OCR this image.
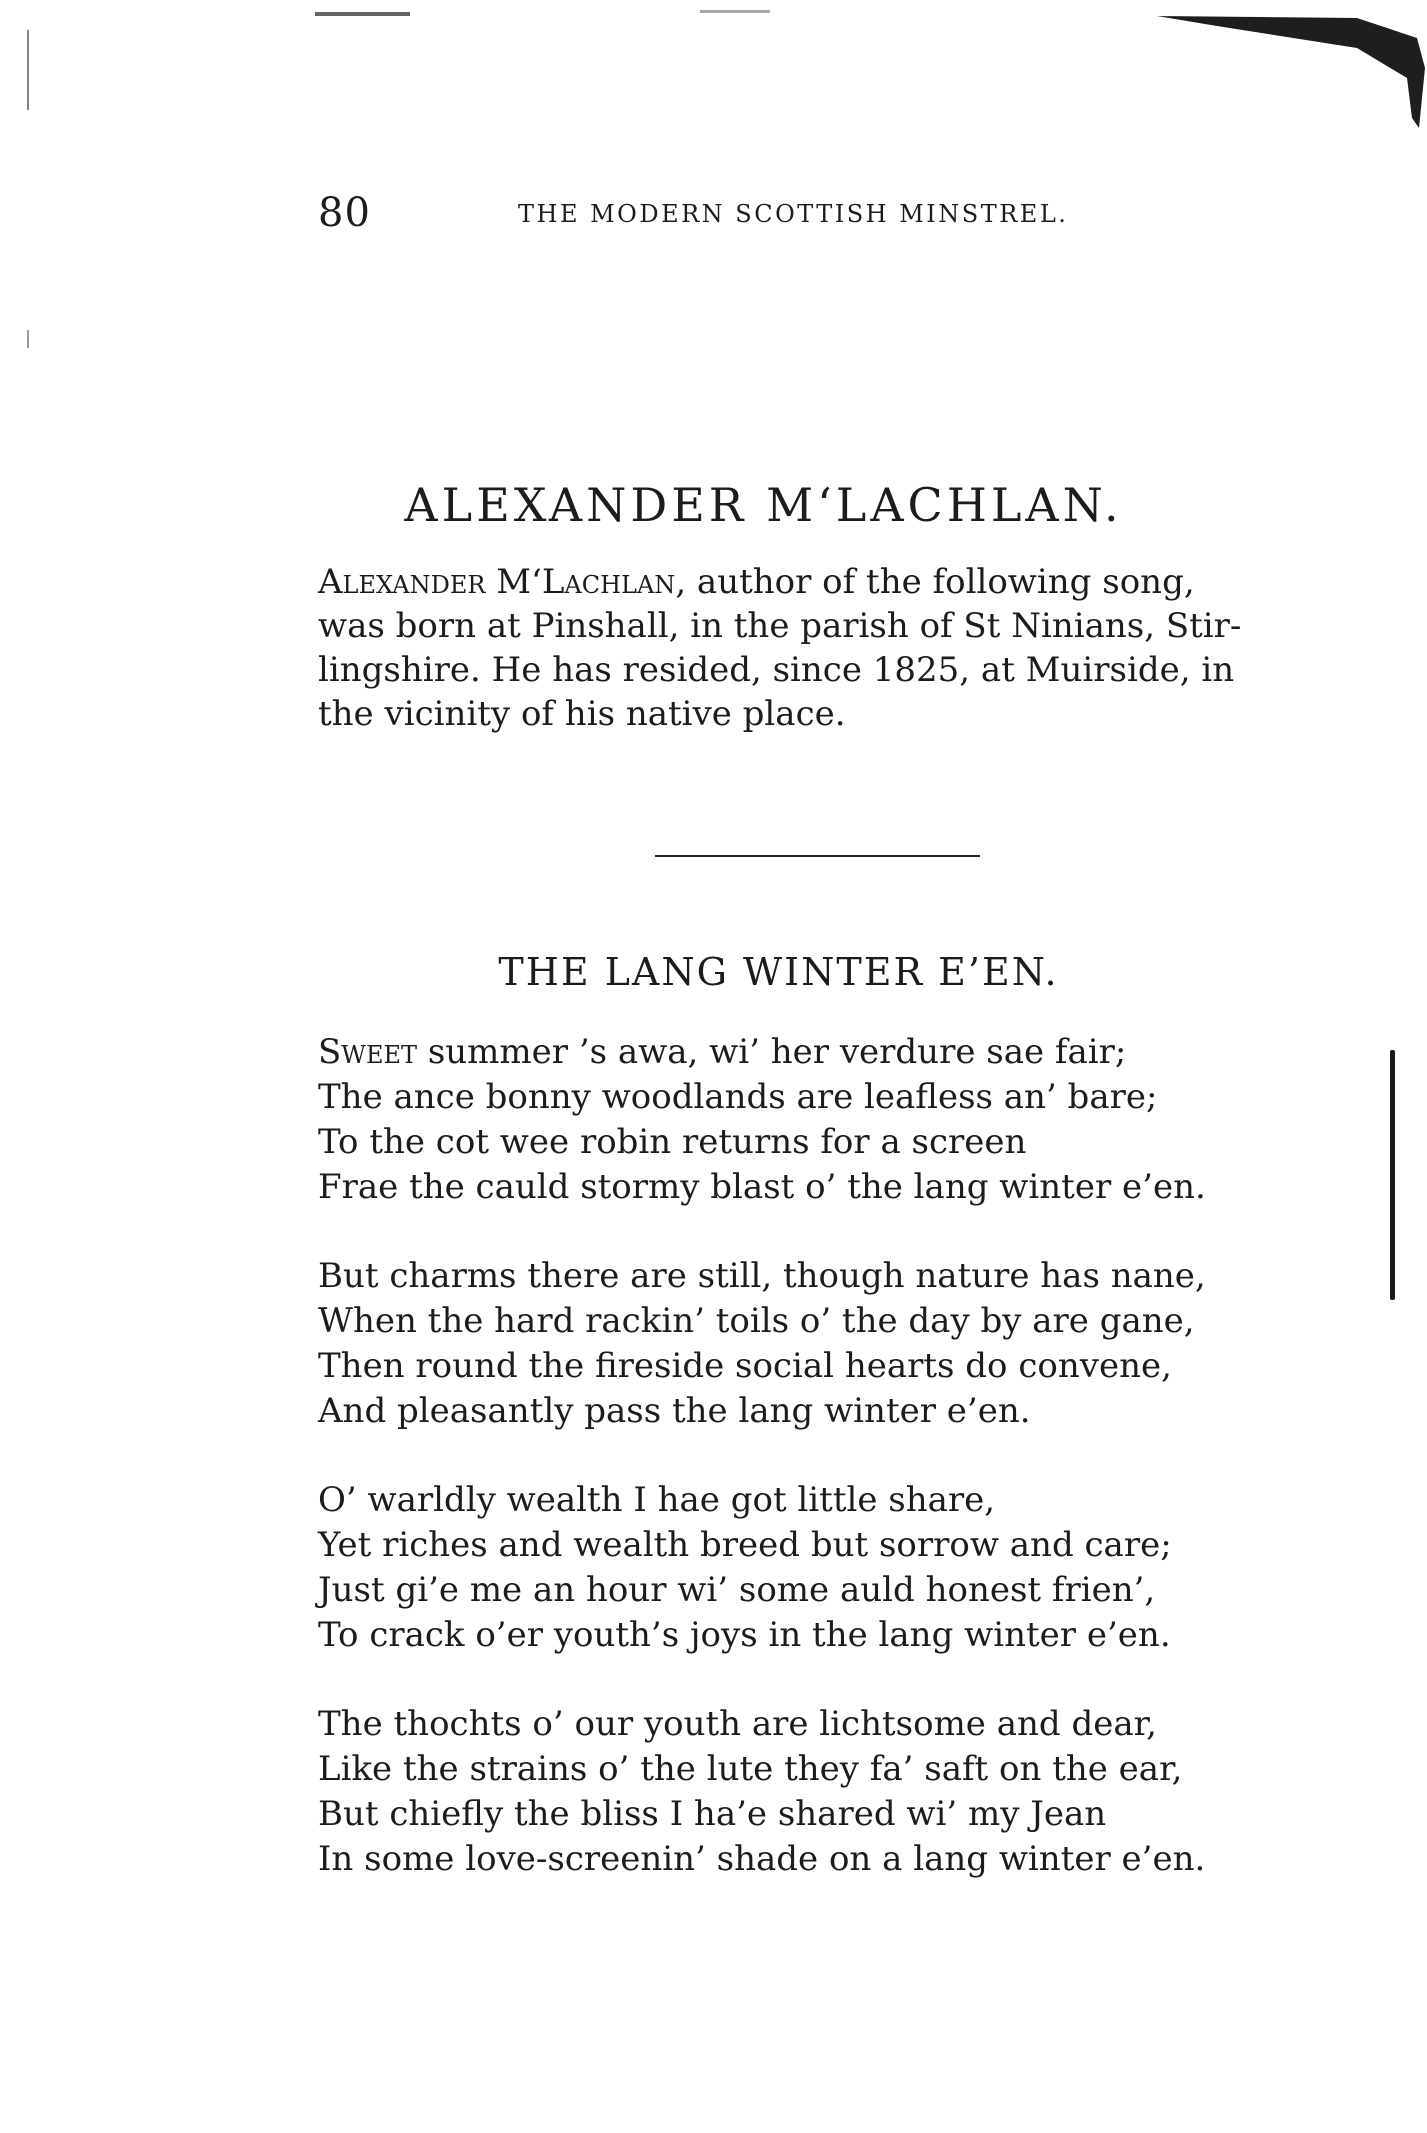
80	THE MODERN SCOTTISH MINSTREL.
ALEXANDER M‘LACHLAN.
Alexander M‘Lachlan, author of the following song,
was born at Pinshall, in the parish of St Ninians, Stir-
lingshire. He has resided, since 1825, at Muirside, in
the vicinity of his native place.
THE LANG WINTER E’EN.
Sweet summer ’s awa, wi’ her verdure sae fair;
The ance bonny woodlands are leafless an’ bare;
To the cot wee robin returns for a screen
Frae the cauld stormy blast o’ the lang winter e’en.
But charms there are still, though nature has nane,
When the hard rackin’ toils o’ the day by are gane,
Then round the fireside social hearts do convene,
And pleasantly pass the lang winter e’en.
O’ warldly wealth I hae got little share,
Yet riches and wealth breed but sorrow and care;
Just gi’e me an hour wi’ some auld honest frien’,
To crack o’er youth’s joys in the lang winter e’en.
The thochts o’ our youth are lichtsome and dear,
Like the strains o’ the lute they fa’ saft on the ear,
But chiefly the bliss I ha’e shared wi’ my Jean
In some love-screenin’ shade on a lang winter e’en.
